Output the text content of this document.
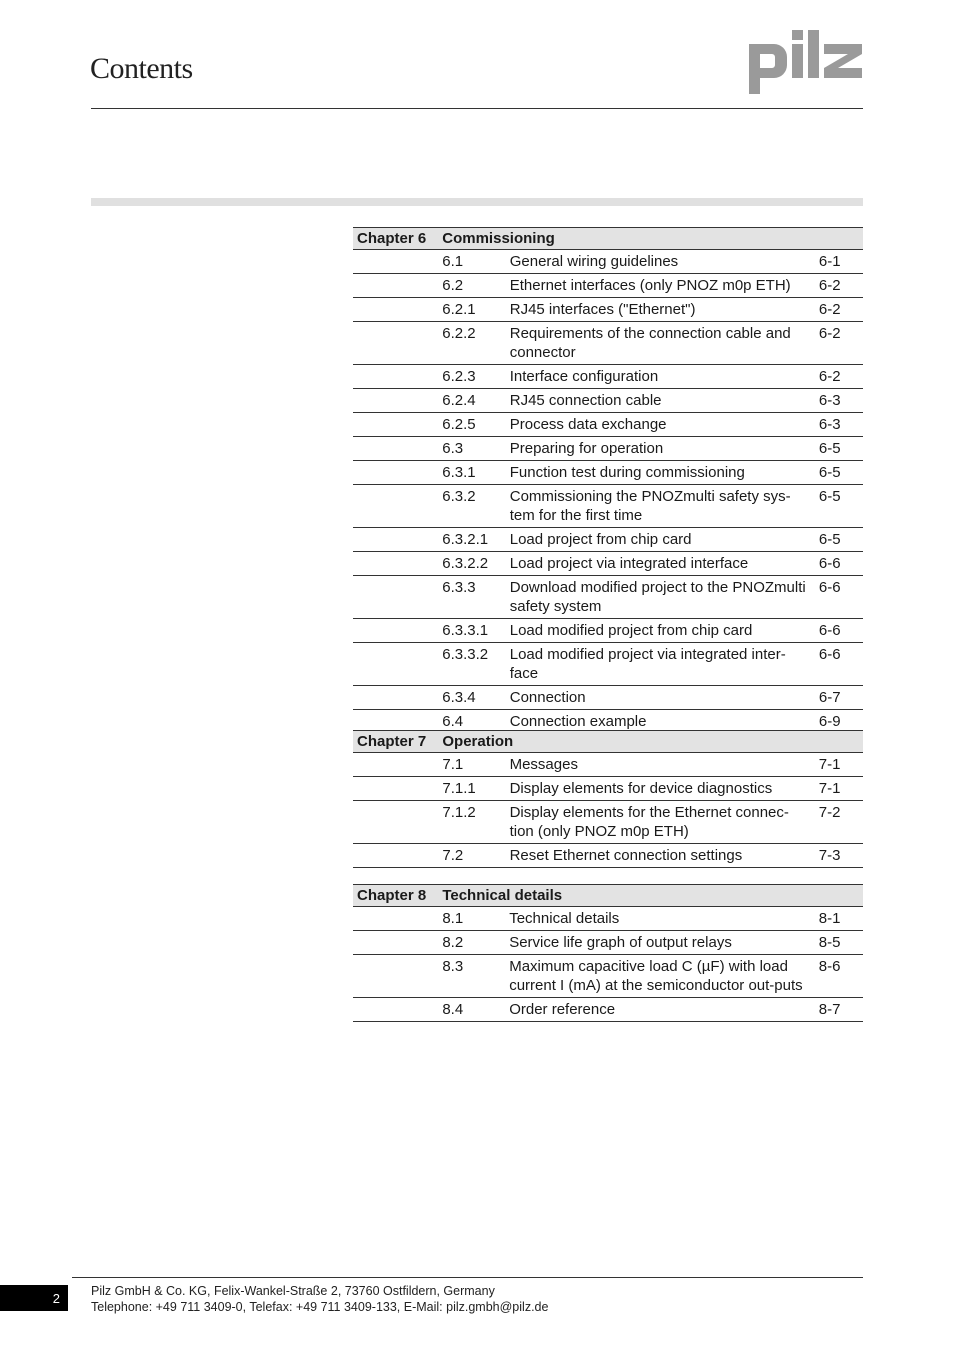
Contents
Chapter 6	Commissioning		
	6.1	General wiring guidelines	6-1
	6.2	Ethernet interfaces (only PNOZ m0p ETH)	6-2
	6.2.1	RJ45 interfaces ("Ethernet")	6-2
	6.2.2	Requirements of the connection cable and connector	6-2
	6.2.3	Interface configuration	6-2
	6.2.4	RJ45 connection cable	6-3
	6.2.5	Process data exchange	6-3
	6.3	Preparing for operation	6-5
	6.3.1	Function test during commissioning	6-5
	6.3.2	Commissioning the PNOZmulti safety sys-tem for the first time	6-5
	6.3.2.1	Load project from chip card	6-5
	6.3.2.2	Load project via integrated interface	6-6
	6.3.3	Download modified project to the PNOZmulti safety system	6-6
	6.3.3.1	Load modified project from chip card	6-6
	6.3.3.2	Load modified project via integrated inter-face	6-6
	6.3.4	Connection	6-7
	6.4	Connection example	6-9
Chapter 7	Operation		
	7.1	Messages	7-1
	7.1.1	Display elements for device diagnostics	7-1
	7.1.2	Display elements for the Ethernet connec-tion (only PNOZ m0p ETH)	7-2
	7.2	Reset Ethernet connection settings	7-3
Chapter 8	Technical details		
	8.1	Technical details	8-1
	8.2	Service life graph of output relays	8-5
	8.3	Maximum capacitive load C (µF) with load current I (mA) at the semiconductor out-puts	8-6
	8.4	Order reference	8-7
2	Pilz GmbH & Co. KG, Felix-Wankel-Straße 2, 73760 Ostfildern, Germany
Telephone: +49 711 3409-0, Telefax: +49 711 3409-133, E-Mail: pilz.gmbh@pilz.de
